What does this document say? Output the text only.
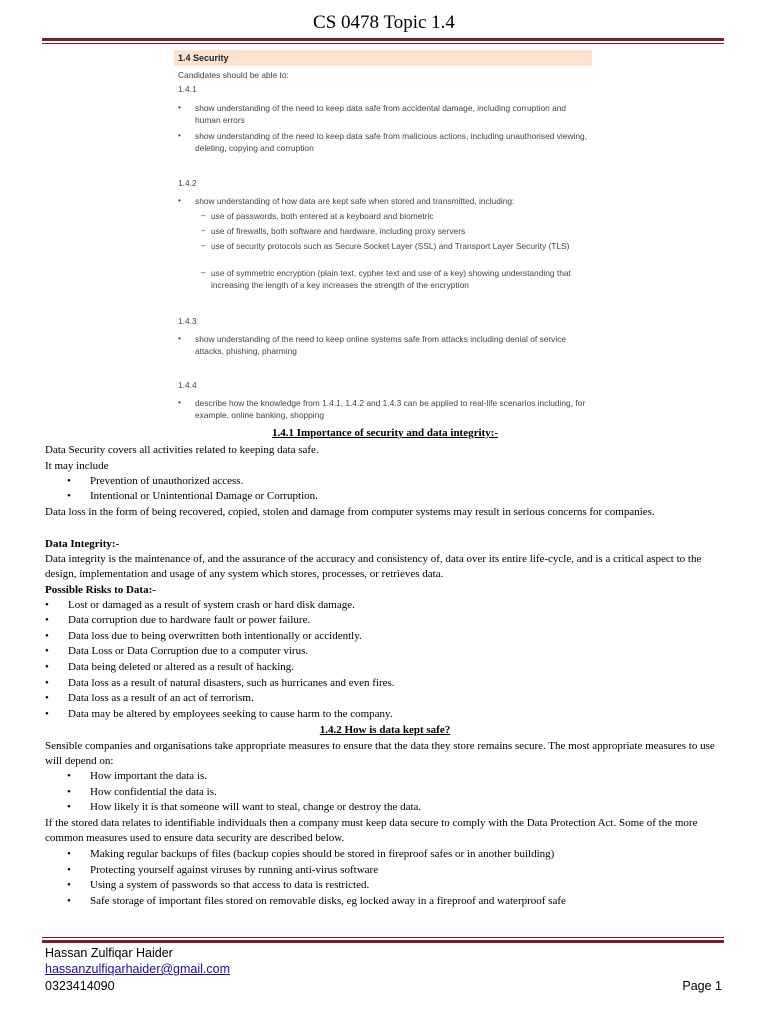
CS 0478 Topic 1.4
1.4 Security
Candidates should be able to:
1.4.1
• show understanding of the need to keep data safe from accidental damage, including corruption and human errors
• show understanding of the need to keep data safe from malicious actions, including unauthorised viewing, deleting, copying and corruption
1.4.2
• show understanding of how data are kept safe when stored and transmitted, including:
– use of passwords, both entered at a keyboard and biometric
– use of firewalls, both software and hardware, including proxy servers
– use of security protocols such as Secure Socket Layer (SSL) and Transport Layer Security (TLS)
– use of symmetric encryption (plain text, cypher text and use of a key) showing understanding that increasing the length of a key increases the strength of the encryption
1.4.3
• show understanding of the need to keep online systems safe from attacks including denial of service attacks, phishing, pharming
1.4.4
• describe how the knowledge from 1.4.1, 1.4.2 and 1.4.3 can be applied to real-life scenarios including, for example, online banking, shopping
1.4.1 Importance of security and data integrity:-
Data Security covers all activities related to keeping data safe.
It may include
• Prevention of unauthorized access.
• Intentional or Unintentional Damage or Corruption.
Data loss in the form of being recovered, copied, stolen and damage from computer systems may result in serious concerns for companies.
Data Integrity:-
Data integrity is the maintenance of, and the assurance of the accuracy and consistency of, data over its entire life-cycle, and is a critical aspect to the design, implementation and usage of any system which stores, processes, or retrieves data.
Possible Risks to Data:-
• Lost or damaged as a result of system crash or hard disk damage.
• Data corruption due to hardware fault or power failure.
• Data loss due to being overwritten both intentionally or accidently.
• Data Loss or Data Corruption due to a computer virus.
• Data being deleted or altered as a result of hacking.
• Data loss as a result of natural disasters, such as hurricanes and even fires.
• Data loss as a result of an act of terrorism.
• Data may be altered by employees seeking to cause harm to the company.
1.4.2 How is data kept safe?
Sensible companies and organisations take appropriate measures to ensure that the data they store remains secure. The most appropriate measures to use will depend on:
• How important the data is.
• How confidential the data is.
• How likely it is that someone will want to steal, change or destroy the data.
If the stored data relates to identifiable individuals then a company must keep data secure to comply with the Data Protection Act. Some of the more common measures used to ensure data security are described below.
• Making regular backups of files (backup copies should be stored in fireproof safes or in another building)
• Protecting yourself against viruses by running anti-virus software
• Using a system of passwords so that access to data is restricted.
• Safe storage of important files stored on removable disks, eg locked away in a fireproof and waterproof safe
Hassan Zulfiqar Haider
hassanzulfiqarhaider@gmail.com
0323414090	Page 1
